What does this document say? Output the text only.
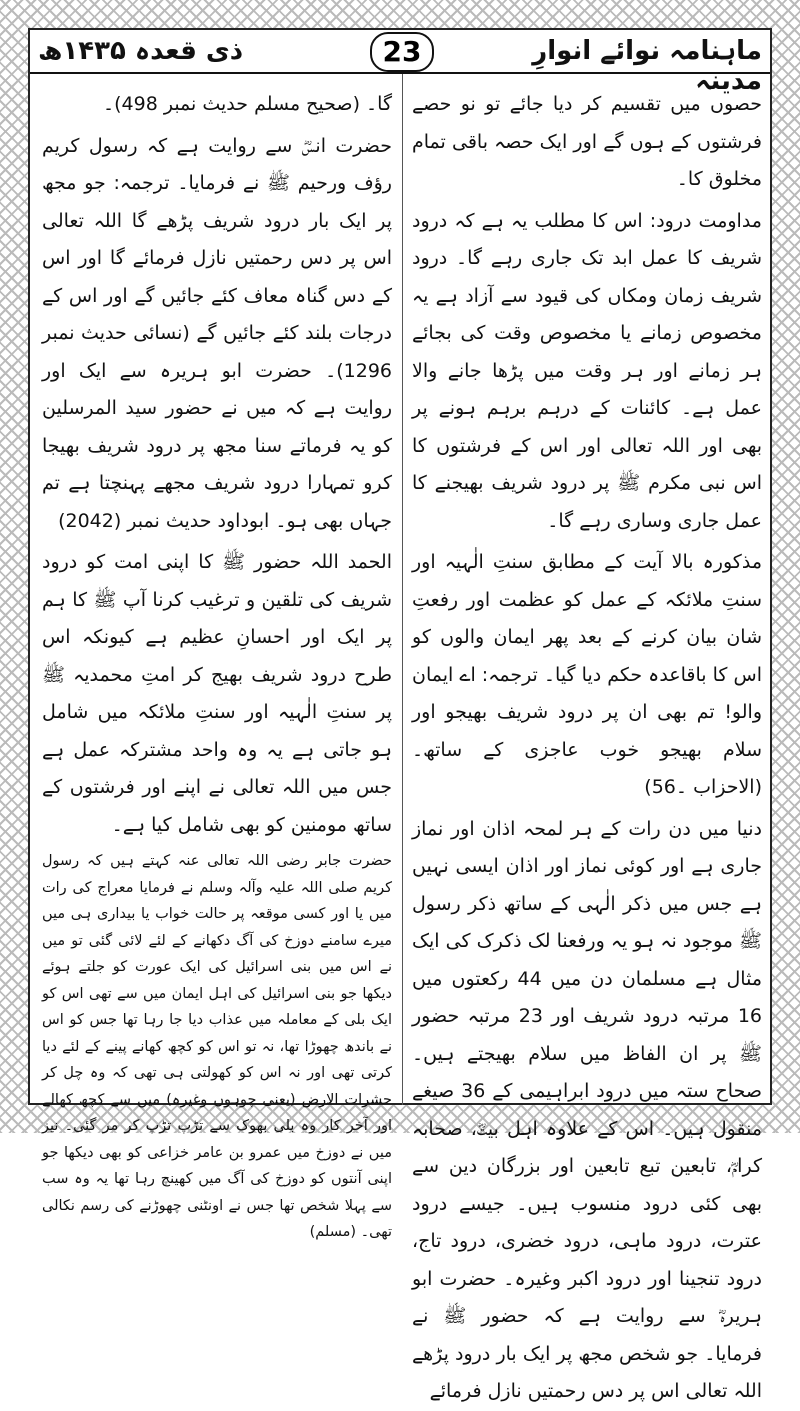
ذی قعدہ ۱۴۳۵ھ	23	ماہنامہ نوائے انوارِ مدینہ

حصوں میں تقسیم کر دیا جائے تو نو حصے فرشتوں کے ہوں گے اور ایک حصہ باقی تمام مخلوق کا۔

مداومت درود: اس کا مطلب یہ ہے کہ درود شریف کا عمل ابد تک جاری رہے گا۔ درود شریف زمان ومکاں کی قیود سے آزاد ہے یہ مخصوص زمانے یا مخصوص وقت کی بجائے ہر زمانے اور ہر وقت میں پڑھا جانے والا عمل ہے۔ کائنات کے درہم برہم ہونے پر بھی اور اللہ تعالی اور اس کے فرشتوں کا اس نبی مکرم ﷺ پر درود شریف بھیجنے کا عمل جاری وساری رہے گا۔

مذکورہ بالا آیت کے مطابق سنتِ الٰہیہ اور سنتِ ملائکہ کے عمل کو عظمت اور رفعتِ شان بیان کرنے کے بعد پھر ایمان والوں کو اس کا باقاعدہ حکم دیا گیا۔ ترجمہ: اے ایمان والو! تم بھی ان پر درود شریف بھیجو اور سلام بھیجو خوب عاجزی کے ساتھ۔ (الاحزاب ۔56)

دنیا میں دن رات کے ہر لمحہ اذان اور نماز جاری ہے اور کوئی نماز اور اذان ایسی نہیں ہے جس میں ذکر الٰہی کے ساتھ ذکر رسول ﷺ موجود نہ ہو یہ ورفعنا لک ذکرک کی ایک مثال ہے مسلمان دن میں 44 رکعتوں میں 16 مرتبہ درود شریف اور 23 مرتبہ حضور ﷺ پر ان الفاظ میں سلام بھیجتے ہیں۔ صحاح ستہ میں درود ابراہیمی کے 36 صیغے منقول ہیں۔ اس کے علاوہ اہل بیتؓ، صحابہ کرامؓ، تابعین تبع تابعین اور بزرگان دین سے بھی کئی درود منسوب ہیں۔ جیسے درود عترت، درود ماہی، درود خضری، درود تاج، درود تنجینا اور درود اکبر وغیرہ۔ حضرت ابو ہریرہؓ سے روایت ہے کہ حضور ﷺ نے فرمایا۔ جو شخص مجھ پر ایک بار درود پڑھے اللہ تعالی اس پر دس رحمتیں نازل فرمائے

گا۔ (صحیح مسلم حدیث نمبر 498)۔

حضرت انسؓ سے روایت ہے کہ رسول کریم رؤف ورحیم ﷺ نے فرمایا۔ ترجمہ: جو مجھ پر ایک بار درود شریف پڑھے گا اللہ تعالی اس پر دس رحمتیں نازل فرمائے گا اور اس کے دس گناہ معاف کئے جائیں گے اور اس کے درجات بلند کئے جائیں گے (نسائی حدیث نمبر 1296)۔ حضرت ابو ہریرہ سے ایک اور روایت ہے کہ میں نے حضور سید المرسلین کو یہ فرماتے سنا مجھ پر درود شریف بھیجا کرو تمہارا درود شریف مجھے پہنچتا ہے تم جہاں بھی ہو۔ ابوداود حدیث نمبر (2042)

الحمد اللہ حضور ﷺ کا اپنی امت کو درود شریف کی تلقین و ترغیب کرنا آپ ﷺ کا ہم پر ایک اور احسانِ عظیم ہے کیونکہ اس طرح درود شریف بھیج کر امتِ محمدیہ ﷺ پر سنتِ الٰہیہ اور سنتِ ملائکہ میں شامل ہو جاتی ہے یہ وہ واحد مشترکہ عمل ہے جس میں اللہ تعالی نے اپنے اور فرشتوں کے ساتھ مومنین کو بھی شامل کیا ہے۔

حضرت جابر رضی اللہ تعالی عنہ کہتے ہیں کہ رسول کریم صلی اللہ علیہ وآلہ وسلم نے فرمایا معراج کی رات میں یا اور کسی موقعہ پر حالت خواب یا بیداری ہی میں میرے سامنے دوزخ کی آگ دکھانے کے لئے لائی گئی تو میں نے اس میں بنی اسرائیل کی ایک عورت کو جلتے ہوئے دیکھا جو بنی اسرائیل کی اہل ایمان میں سے تھی اس کو ایک بلی کے معاملہ میں عذاب دیا جا رہا تھا جس کو اس نے باندھ چھوڑا تھا، نہ تو اس کو کچھ کھانے پینے کے لئے دیا کرتی تھی اور نہ اس کو کھولتی ہی تھی کہ وہ چل کر حشرات الارض (یعنی چوہوں وغیرہ) میں سے کچھ کھالے اور آخر کار وہ بلی بھوک سے تڑپ تڑپ کر مر گئی۔ نیز میں نے دوزخ میں عمرو بن عامر خزاعی کو بھی دیکھا جو اپنی آنتوں کو دوزخ کی آگ میں کھینچ رہا تھا یہ وہ سب سے پہلا شخص تھا جس نے اونٹنی چھوڑنے کی رسم نکالی تھی۔ (مسلم)
